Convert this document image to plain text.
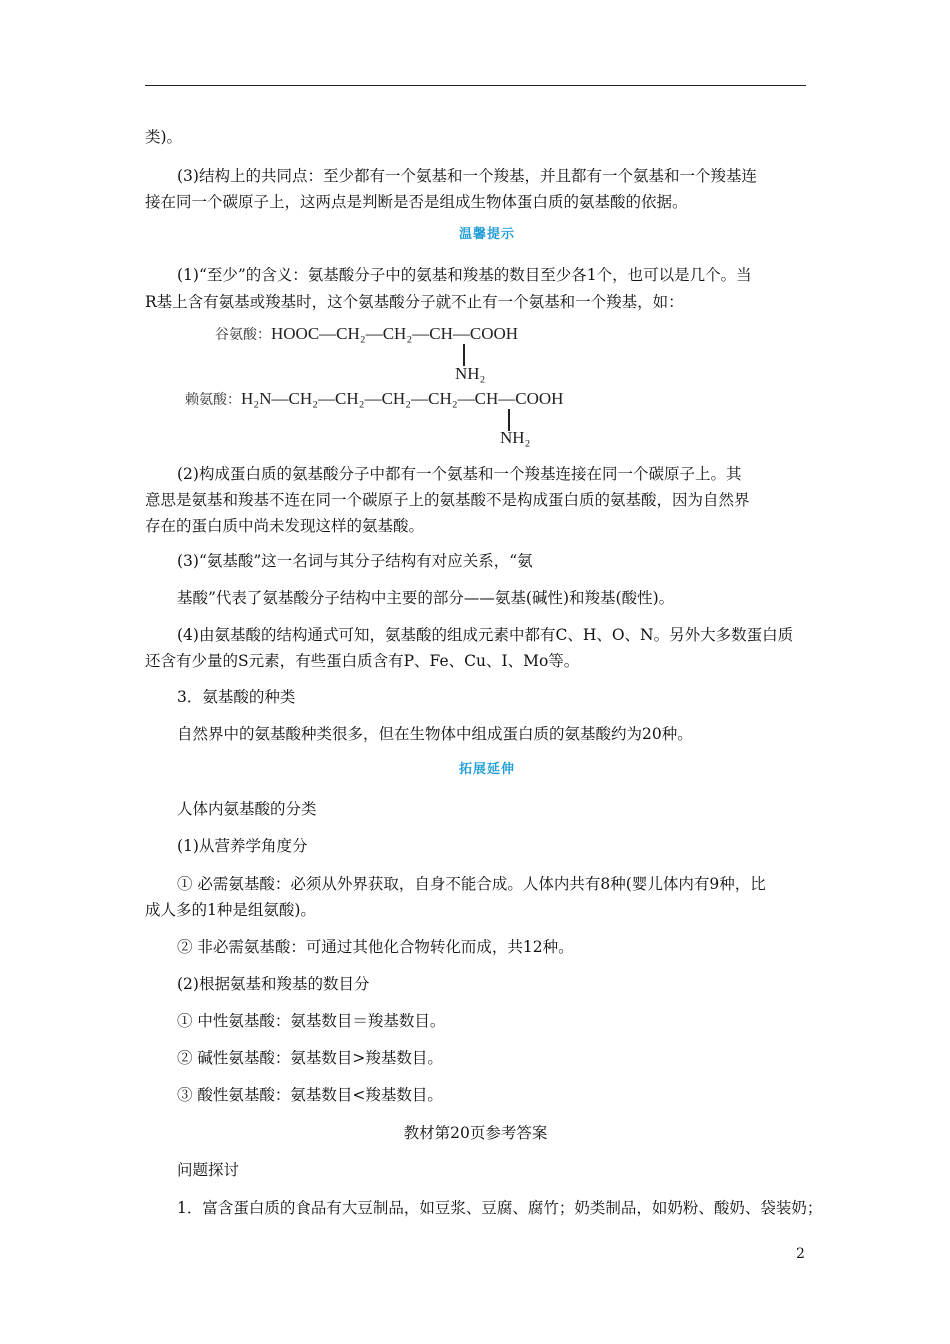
类)。
(3)结构上的共同点：至少都有一个氨基和一个羧基，并且都有一个氨基和一个羧基连
接在同一个碳原子上，这两点是判断是否是组成生物体蛋白质的氨基酸的依据。
温馨提示
(1)“至少”的含义：氨基酸分子中的氨基和羧基的数目至少各1个，也可以是几个。当
R基上含有氨基或羧基时，这个氨基酸分子就不止有一个氨基和一个羧基，如：
谷氨酸：HOOC—CH₂—CH₂—CH—COOH
NH₂
赖氨酸：H₂N—CH₂—CH₂—CH₂—CH₂—CH—COOH
NH₂
(2)构成蛋白质的氨基酸分子中都有一个氨基和一个羧基连接在同一个碳原子上。其
意思是氨基和羧基不连在同一个碳原子上的氨基酸不是构成蛋白质的氨基酸，因为自然界
存在的蛋白质中尚未发现这样的氨基酸。
(3)“氨基酸”这一名词与其分子结构有对应关系，“氨
基酸”代表了氨基酸分子结构中主要的部分——氨基(碱性)和羧基(酸性)。
(4)由氨基酸的结构通式可知，氨基酸的组成元素中都有C、H、O、N。另外大多数蛋白质
还含有少量的S元素，有些蛋白质含有P、Fe、Cu、I、Mo等。
3．氨基酸的种类
自然界中的氨基酸种类很多，但在生物体中组成蛋白质的氨基酸约为20种。
拓展延伸
人体内氨基酸的分类
(1)从营养学角度分
① 必需氨基酸：必须从外界获取，自身不能合成。人体内共有8种(婴儿体内有9种，比
成人多的1种是组氨酸)。
② 非必需氨基酸：可通过其他化合物转化而成，共12种。
(2)根据氨基和羧基的数目分
① 中性氨基酸：氨基数目＝羧基数目。
② 碱性氨基酸：氨基数目>羧基数目。
③ 酸性氨基酸：氨基数目<羧基数目。
教材第20页参考答案
问题探讨
1．富含蛋白质的食品有大豆制品，如豆浆、豆腐、腐竹；奶类制品，如奶粉、酸奶、袋装奶；
2
